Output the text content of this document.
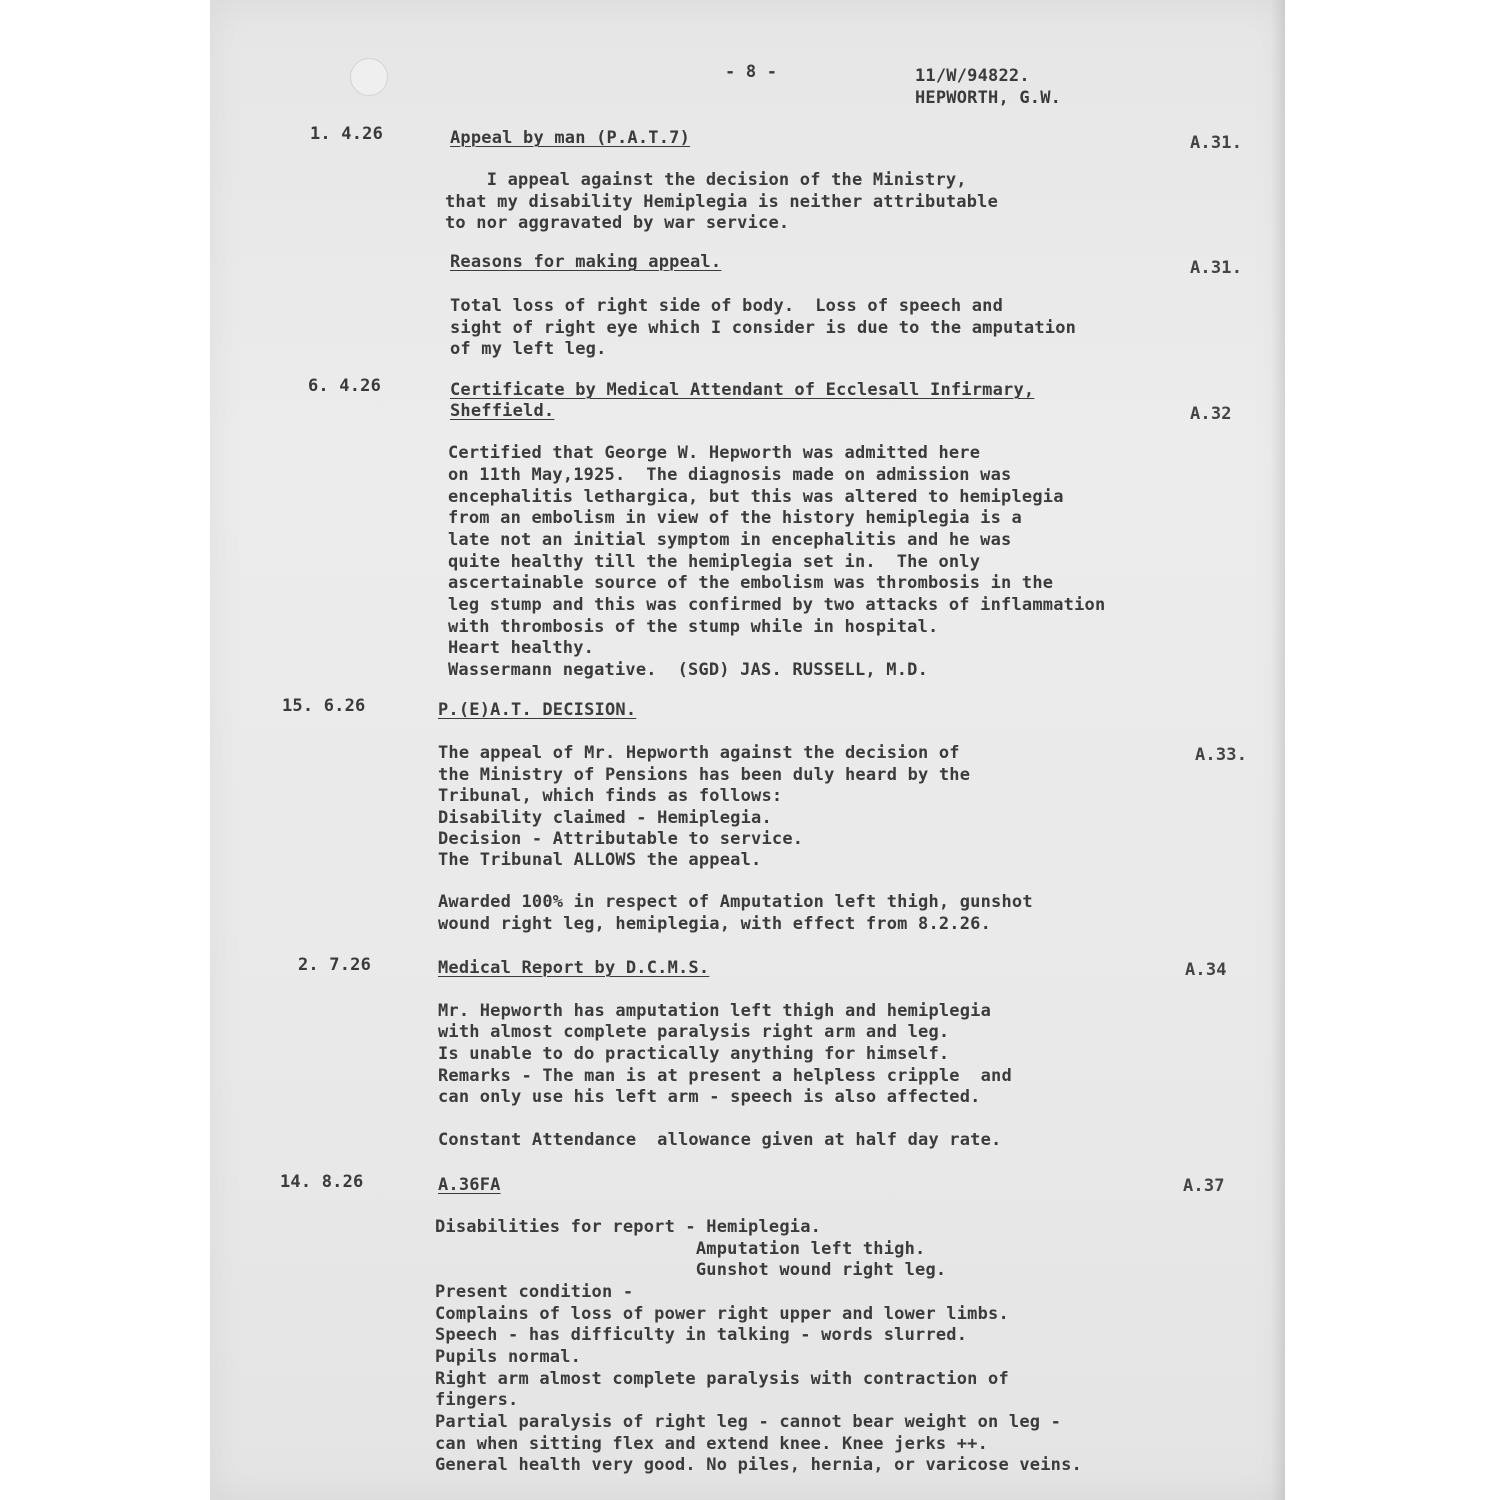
- 8 -	11/W/94822.
HEPWORTH, G.W.
1. 4.26	Appeal by man (P.A.T.7)	A.31.
I appeal against the decision of the Ministry,
that my disability Hemiplegia is neither attributable
to nor aggravated by war service.
Reasons for making appeal.	A.31.
Total loss of right side of body.  Loss of speech and
sight of right eye which I consider is due to the amputation
of my left leg.
6. 4.26	Certificate by Medical Attendant of Ecclesall Infirmary,
Sheffield.	A.32
Certified that George W. Hepworth was admitted here
on 11th May,1925.  The diagnosis made on admission was
encephalitis lethargica, but this was altered to hemiplegia
from an embolism in view of the history hemiplegia is a
late not an initial symptom in encephalitis and he was
quite healthy till the hemiplegia set in.  The only
ascertainable source of the embolism was thrombosis in the
leg stump and this was confirmed by two attacks of inflammation
with thrombosis of the stump while in hospital.
Heart healthy.
Wassermann negative.  (SGD) JAS. RUSSELL, M.D.
15. 6.26	P.(E)A.T. DECISION.
A.33.
The appeal of Mr. Hepworth against the decision of
the Ministry of Pensions has been duly heard by the
Tribunal, which finds as follows:
Disability claimed - Hemiplegia.
Decision - Attributable to service.
The Tribunal ALLOWS the appeal.
Awarded 100% in respect of Amputation left thigh, gunshot
wound right leg, hemiplegia, with effect from 8.2.26.
2. 7.26	Medical Report by D.C.M.S.	A.34
Mr. Hepworth has amputation left thigh and hemiplegia
with almost complete paralysis right arm and leg.
Is unable to do practically anything for himself.
Remarks - The man is at present a helpless cripple  and
can only use his left arm - speech is also affected.
Constant Attendance  allowance given at half day rate.
14. 8.26	A.36FA	A.37
Disabilities for report - Hemiplegia.
Amputation left thigh.
Gunshot wound right leg.
Present condition -
Complains of loss of power right upper and lower limbs.
Speech - has difficulty in talking - words slurred.
Pupils normal.
Right arm almost complete paralysis with contraction of
fingers.
Partial paralysis of right leg - cannot bear weight on leg -
can when sitting flex and extend knee. Knee jerks ++.
General health very good. No piles, hernia, or varicose veins.
